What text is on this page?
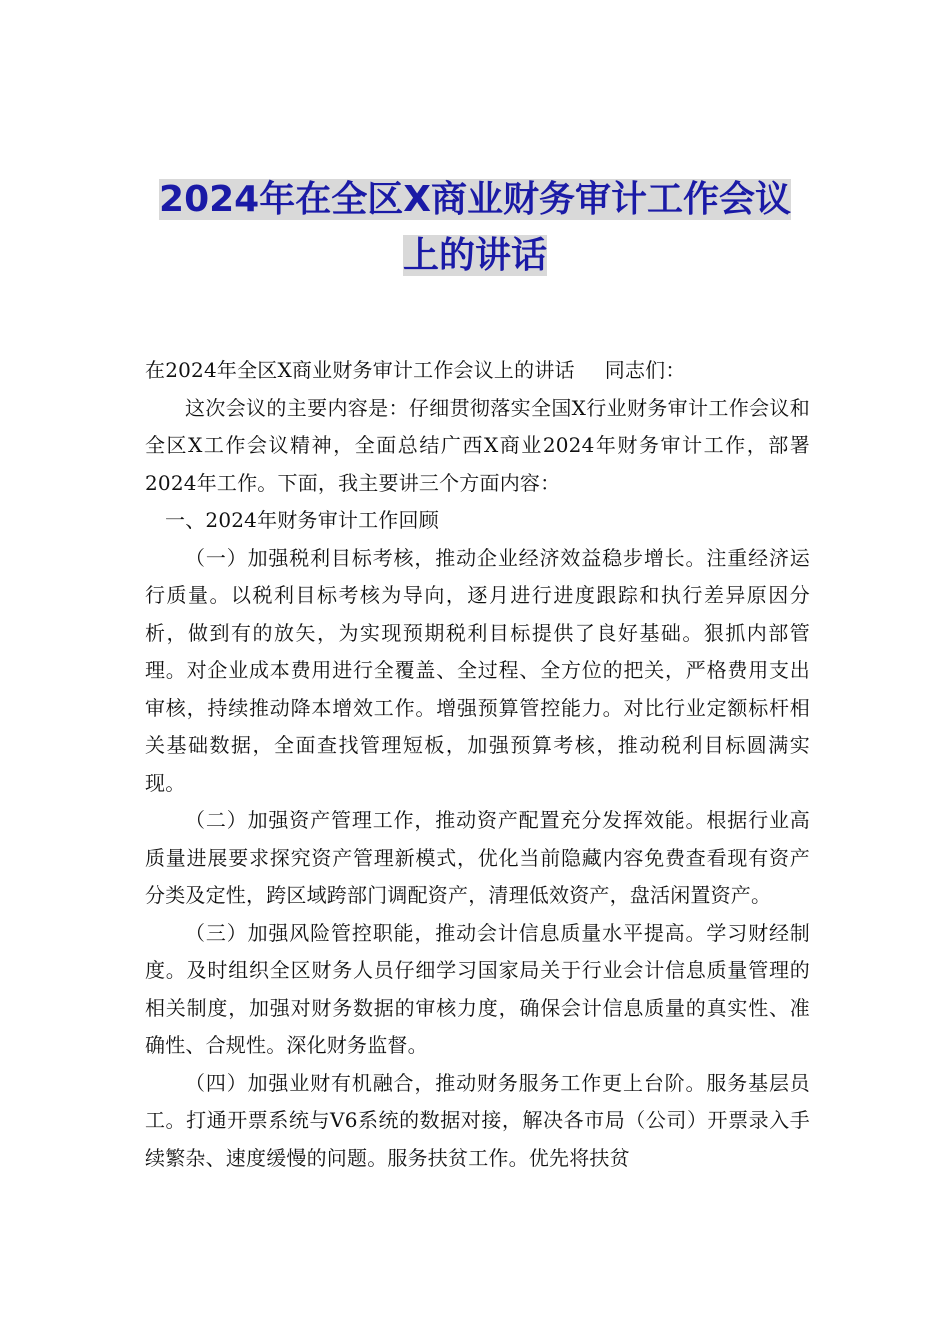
2024年在全区X商业财务审计工作会议
上的讲话

在2024年全区X商业财务审计工作会议上的讲话 同志们：

这次会议的主要内容是：仔细贯彻落实全国X行业财务审计工作会议和全区X工作会议精神，全面总结广西X商业2024年财务审计工作，部署2024年工作。下面，我主要讲三个方面内容：

一、2024年财务审计工作回顾

（一）加强税利目标考核，推动企业经济效益稳步增长。注重经济运行质量。以税利目标考核为导向，逐月进行进度跟踪和执行差异原因分析，做到有的放矢，为实现预期税利目标提供了良好基础。狠抓内部管理。对企业成本费用进行全覆盖、全过程、全方位的把关，严格费用支出审核，持续推动降本增效工作。增强预算管控能力。对比行业定额标杆相关基础数据，全面查找管理短板，加强预算考核，推动税利目标圆满实现。

（二）加强资产管理工作，推动资产配置充分发挥效能。根据行业高质量进展要求探究资产管理新模式，优化当前隐藏内容免费查看现有资产分类及定性，跨区域跨部门调配资产，清理低效资产，盘活闲置资产。

（三）加强风险管控职能，推动会计信息质量水平提高。学习财经制度。及时组织全区财务人员仔细学习国家局关于行业会计信息质量管理的相关制度，加强对财务数据的审核力度，确保会计信息质量的真实性、准确性、合规性。深化财务监督。

（四）加强业财有机融合，推动财务服务工作更上台阶。服务基层员工。打通开票系统与V6系统的数据对接，解决各市局（公司）开票录入手续繁杂、速度缓慢的问题。服务扶贫工作。优先将扶贫
